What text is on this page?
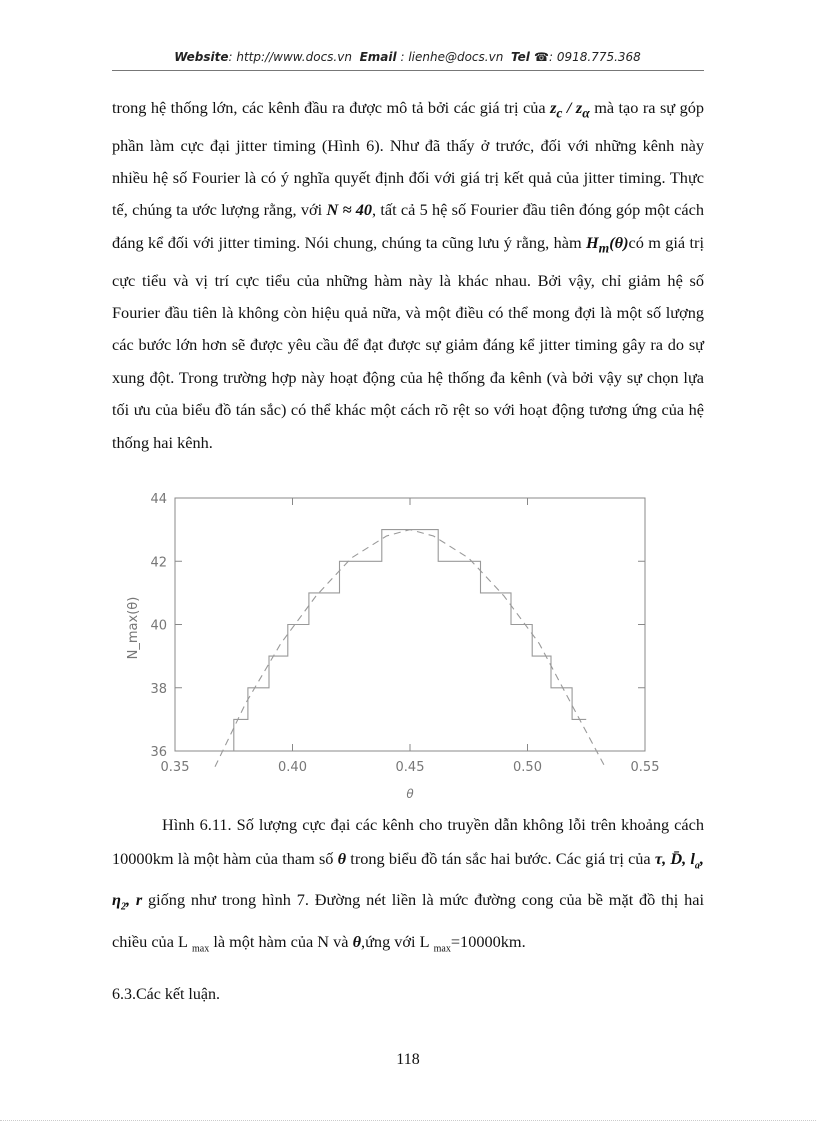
Website: http://www.docs.vn Email : lienhe@docs.vn Tel ☎: 0918.775.368
trong hệ thống lớn, các kênh đầu ra được mô tả bởi các giá trị của $z_c / z_\alpha$ mà tạo ra sự góp phần làm cực đại jitter timing (Hình 6). Như đã thấy ở trước, đối với những kênh này nhiều hệ số Fourier là có ý nghĩa quyết định đối với giá trị kết quả của jitter timing. Thực tế, chúng ta ước lượng rằng, với N ≈ 40, tất cả 5 hệ số Fourier đầu tiên đóng góp một cách đáng kể đối với jitter timing. Nói chung, chúng ta cũng lưu ý rằng, hàm $H_m(\theta)có$ m giá trị cực tiểu và vị trí cực tiểu của những hàm này là khác nhau. Bởi vậy, chỉ giảm hệ số Fourier đầu tiên là không còn hiệu quả nữa, và một điều có thể mong đợi là một số lượng các bước lớn hơn sẽ được yêu cầu để đạt được sự giảm đáng kể jitter timing gây ra do sự xung đột. Trong trường hợp này hoạt động của hệ thống đa kênh (và bởi vậy sự chọn lựa tối ưu của biểu đồ tán sắc) có thể khác một cách rõ rệt so với hoạt động tương ứng của hệ thống hai kênh.
0.35	0.40	0.45	0.50	0.55
44
42
40
38
36
N_max(θ)
θ
Hình 6.11. Số lượng cực đại các kênh cho truyền dẫn không lỗi trên khoảng cách 10000km là một hàm của tham số θ trong biểu đồ tán sắc hai bước. Các giá trị của τ, D̄, $l_a$, $\eta_2$, r giống như trong hình 7. Đường nét liền là mức đường cong của bề mặt đồ thị hai chiều của L $_{max}$ là một hàm của N và θ,ứng với L $_{max}$=10000km.
6.3.Các kết luận.
118
